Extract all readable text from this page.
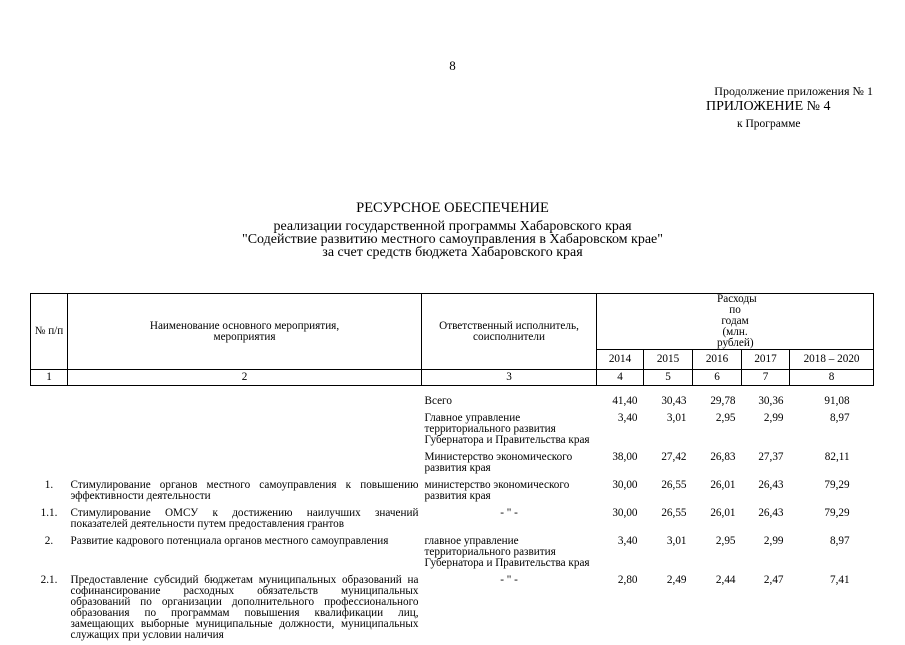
8
Продолжение приложения № 1
ПРИЛОЖЕНИЕ № 4
к Программе
РЕСУРСНОЕ ОБЕСПЕЧЕНИЕ
реализации государственной программы Хабаровского края
"Содействие развитию местного самоуправления в Хабаровском крае"
за счет средств бюджета Хабаровского края
№ п/п	Наименование основного мероприятия, мероприятия	Ответственный исполнитель, соисполнители	Расходы по годам (млн. рублей)				
			2014	2015	2016	2017	2018 – 2020
1	2	3	4	5	6	7	8

		Всего	41,40	30,43	29,78	30,36	91,08
		Главное управление территориального развития Губернатора и Правительства края	3,40	3,01	2,95	2,99	8,97
		Министерство экономического развития края	38,00	27,42	26,83	27,37	82,11
1.	Стимулирование органов местного самоуправления к повышению эффективности деятельности	министерство экономического развития края	30,00	26,55	26,01	26,43	79,29
1.1.	Стимулирование ОМСУ к достижению наилучших значений показателей деятельности путем предоставления грантов	- " -	30,00	26,55	26,01	26,43	79,29
2.	Развитие кадрового потенциала органов местного самоуправления	главное управление территориального развития Губернатора и Правительства края	3,40	3,01	2,95	2,99	8,97
2.1.	Предоставление субсидий бюджетам муниципальных образований на софинансирование расходных обязательств муниципальных образований по организации дополнительного профессионального образования по программам повышения квалификации лиц, замещающих выборные муниципальные должности, муниципальных служащих при условии наличия	- " -	2,80	2,49	2,44	2,47	7,41
